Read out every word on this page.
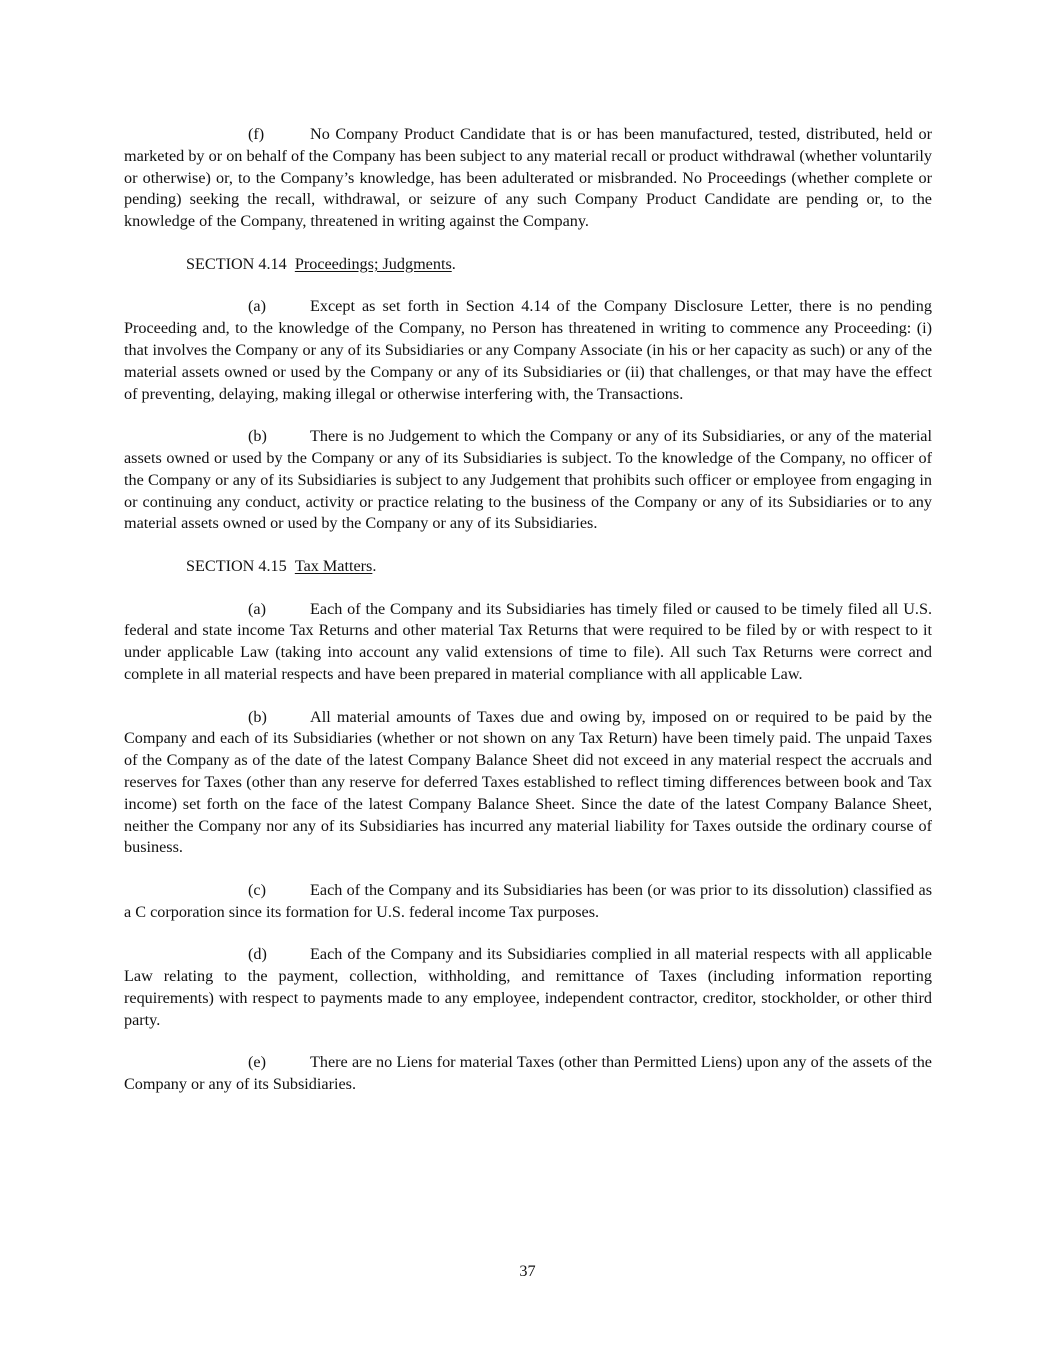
(f)	No Company Product Candidate that is or has been manufactured, tested, distributed, held or marketed by or on behalf of the Company has been subject to any material recall or product withdrawal (whether voluntarily or otherwise) or, to the Company’s knowledge, has been adulterated or misbranded. No Proceedings (whether complete or pending) seeking the recall, withdrawal, or seizure of any such Company Product Candidate are pending or, to the knowledge of the Company, threatened in writing against the Company.

SECTION 4.14 Proceedings; Judgments.

(a)	Except as set forth in Section 4.14 of the Company Disclosure Letter, there is no pending Proceeding and, to the knowledge of the Company, no Person has threatened in writing to commence any Proceeding: (i) that involves the Company or any of its Subsidiaries or any Company Associate (in his or her capacity as such) or any of the material assets owned or used by the Company or any of its Subsidiaries or (ii) that challenges, or that may have the effect of preventing, delaying, making illegal or otherwise interfering with, the Transactions.

(b)	There is no Judgement to which the Company or any of its Subsidiaries, or any of the material assets owned or used by the Company or any of its Subsidiaries is subject. To the knowledge of the Company, no officer of the Company or any of its Subsidiaries is subject to any Judgement that prohibits such officer or employee from engaging in or continuing any conduct, activity or practice relating to the business of the Company or any of its Subsidiaries or to any material assets owned or used by the Company or any of its Subsidiaries.

SECTION 4.15 Tax Matters.

(a)	Each of the Company and its Subsidiaries has timely filed or caused to be timely filed all U.S. federal and state income Tax Returns and other material Tax Returns that were required to be filed by or with respect to it under applicable Law (taking into account any valid extensions of time to file). All such Tax Returns were correct and complete in all material respects and have been prepared in material compliance with all applicable Law.

(b)	All material amounts of Taxes due and owing by, imposed on or required to be paid by the Company and each of its Subsidiaries (whether or not shown on any Tax Return) have been timely paid. The unpaid Taxes of the Company as of the date of the latest Company Balance Sheet did not exceed in any material respect the accruals and reserves for Taxes (other than any reserve for deferred Taxes established to reflect timing differences between book and Tax income) set forth on the face of the latest Company Balance Sheet. Since the date of the latest Company Balance Sheet, neither the Company nor any of its Subsidiaries has incurred any material liability for Taxes outside the ordinary course of business.

(c)	Each of the Company and its Subsidiaries has been (or was prior to its dissolution) classified as a C corporation since its formation for U.S. federal income Tax purposes.

(d)	Each of the Company and its Subsidiaries complied in all material respects with all applicable Law relating to the payment, collection, withholding, and remittance of Taxes (including information reporting requirements) with respect to payments made to any employee, independent contractor, creditor, stockholder, or other third party.

(e)	There are no Liens for material Taxes (other than Permitted Liens) upon any of the assets of the Company or any of its Subsidiaries.

37
